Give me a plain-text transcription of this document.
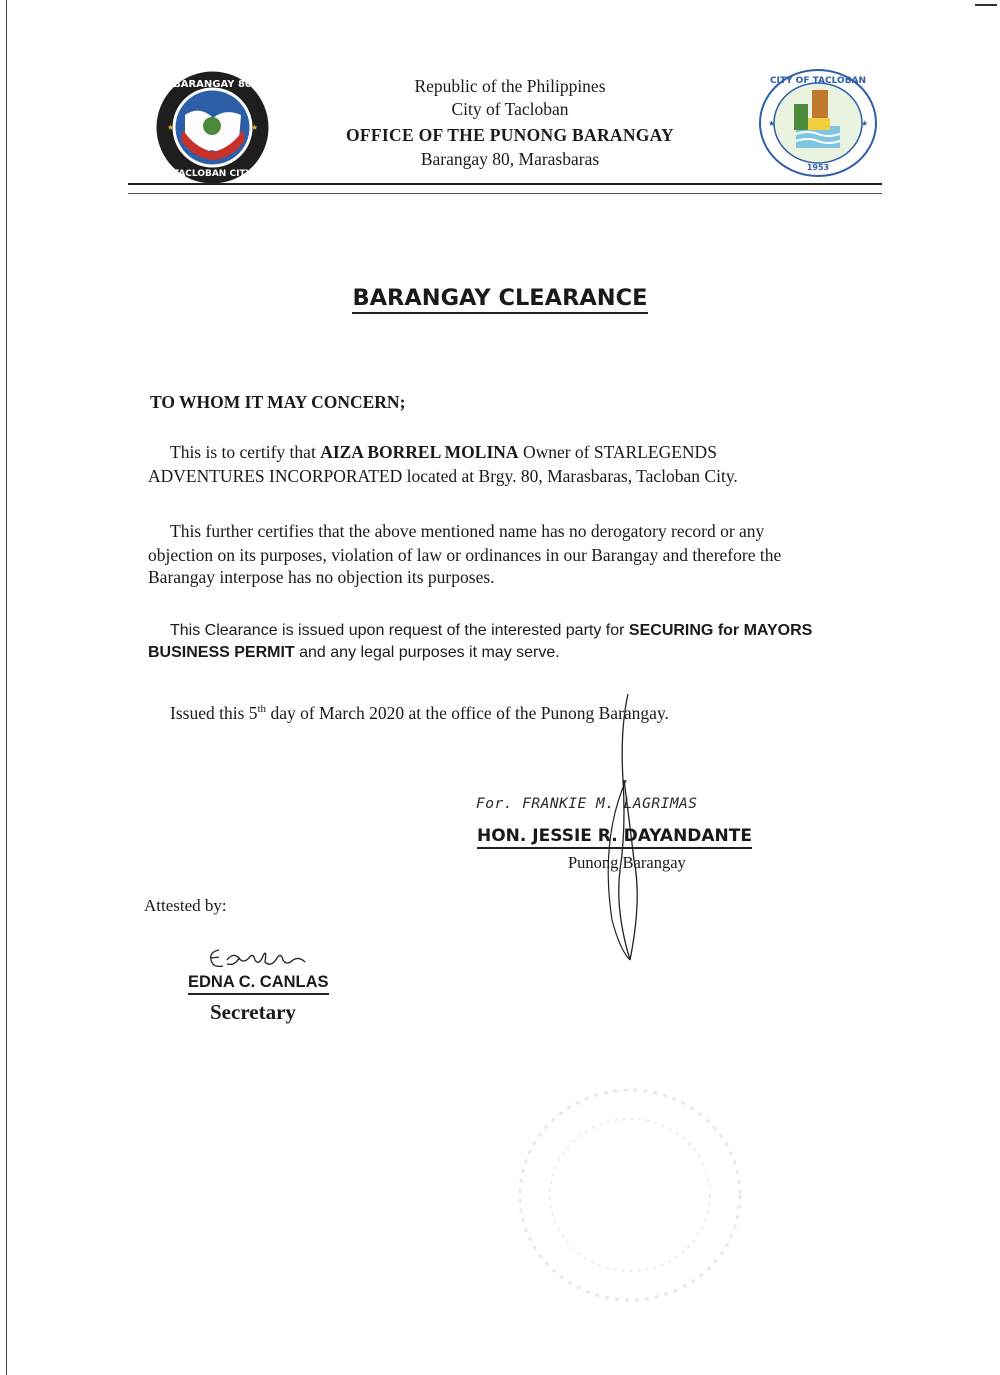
BARANGAY 80
TACLOBAN CITY
★	★
Republic of the Philippines
City of Tacloban
OFFICE OF THE PUNONG BARANGAY
Barangay 80, Marasbaras
CITY OF TACLOBAN
1953
★	★
BARANGAY CLEARANCE
TO WHOM IT MAY CONCERN;
This is to certify that AIZA BORREL MOLINA Owner of STARLEGENDS
ADVENTURES INCORPORATED located at Brgy. 80, Marasbaras, Tacloban City.
This further certifies that the above mentioned name has no derogatory record or any
objection on its purposes, violation of law or ordinances in our Barangay and therefore the
Barangay interpose has no objection its purposes.
This Clearance is issued upon request of the interested party for SECURING for MAYORS
BUSINESS PERMIT and any legal purposes it may serve.
Issued this 5th day of March 2020 at the office of the Punong Barangay.
For. FRANKIE M. LAGRIMAS
HON. JESSIE R. DAYANDANTE
Punong Barangay
Attested by:
EDNA C. CANLAS
Secretary
